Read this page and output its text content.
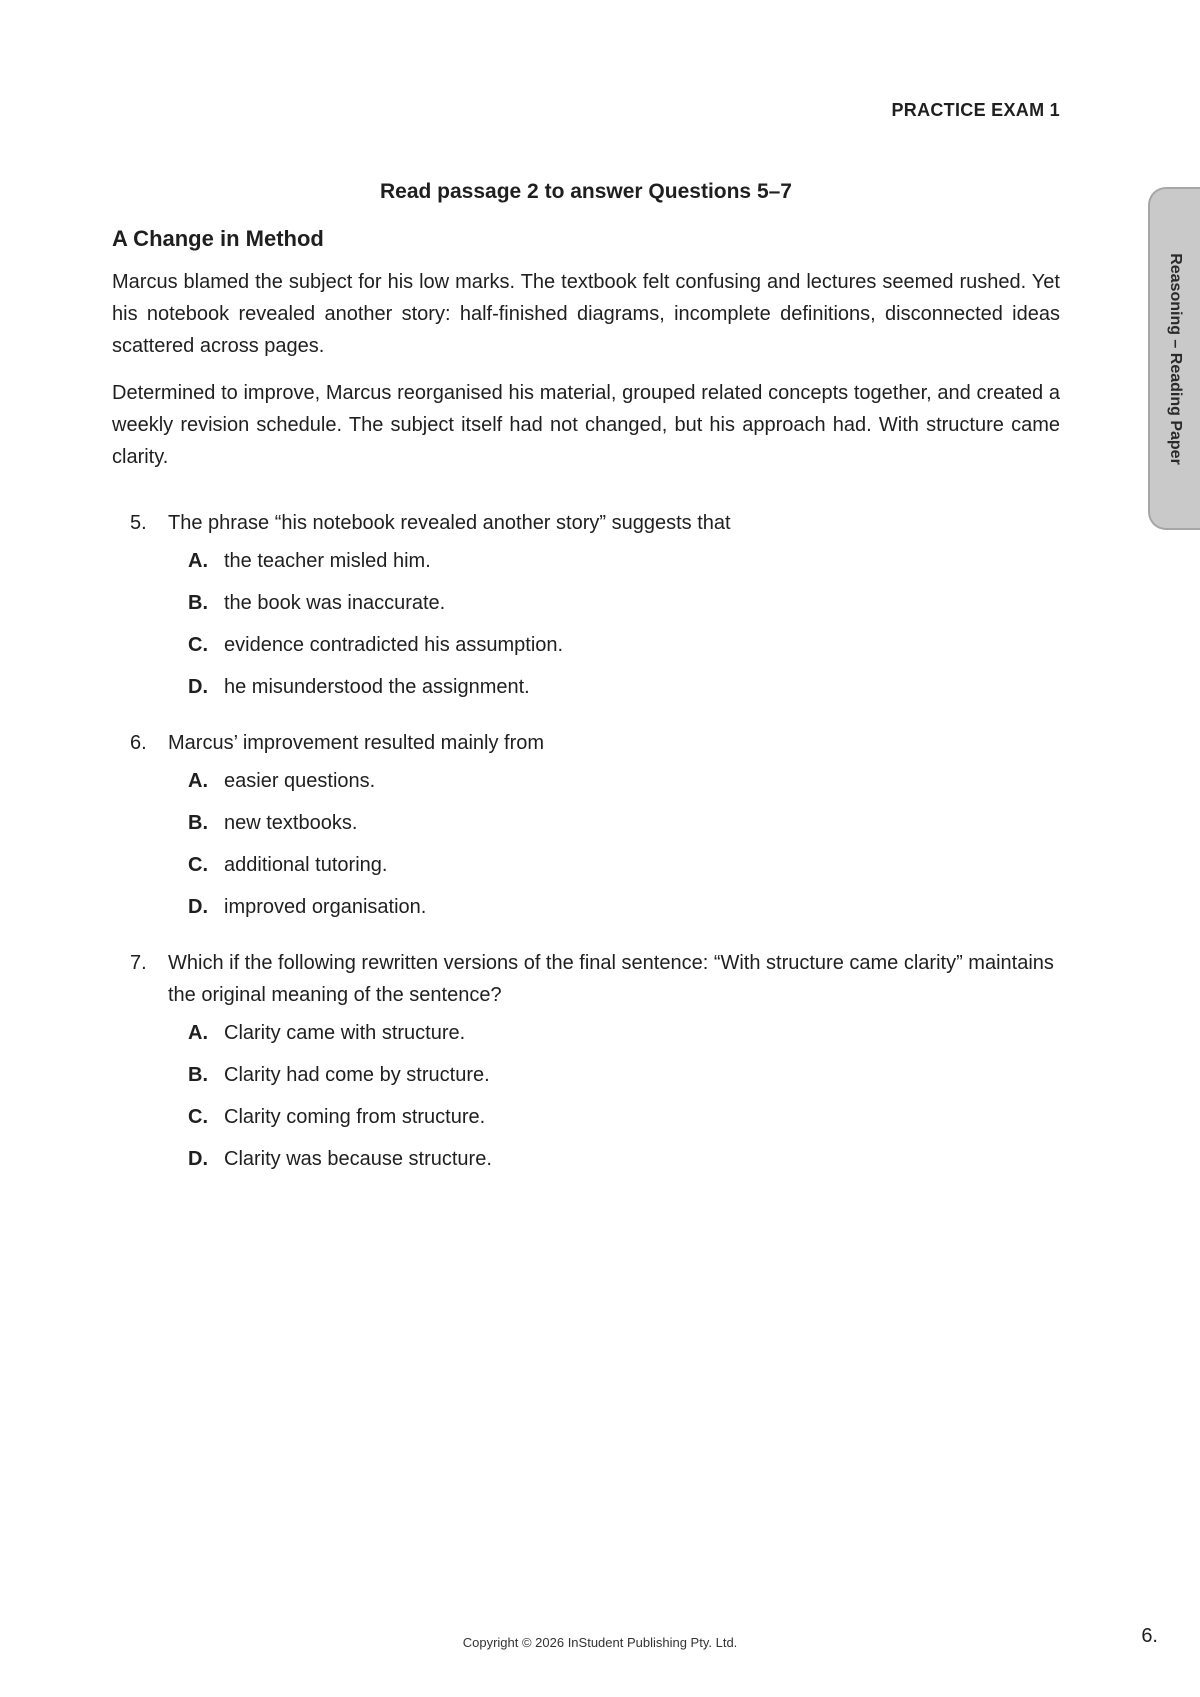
PRACTICE EXAM 1
Reasoning – Reading Paper
Read passage 2 to answer Questions 5–7
A Change in Method

Marcus blamed the subject for his low marks. The textbook felt confusing and lectures seemed rushed. Yet his notebook revealed another story: half-finished diagrams, incomplete definitions, disconnected ideas scattered across pages.

Determined to improve, Marcus reorganised his material, grouped related concepts together, and created a weekly revision schedule. The subject itself had not changed, but his approach had. With structure came clarity.

5.	The phrase “his notebook revealed another story” suggests that
A. the teacher misled him.
B. the book was inaccurate.
C. evidence contradicted his assumption.
D. he misunderstood the assignment.
6.	Marcus’ improvement resulted mainly from
A. easier questions.
B. new textbooks.
C. additional tutoring.
D. improved organisation.
7.	Which if the following rewritten versions of the final sentence: “With structure came clarity” maintains the original meaning of the sentence?
A. Clarity came with structure.
B. Clarity had come by structure.
C. Clarity coming from structure.
D. Clarity was because structure.
Copyright © 2026 InStudent Publishing Pty. Ltd.	6.
